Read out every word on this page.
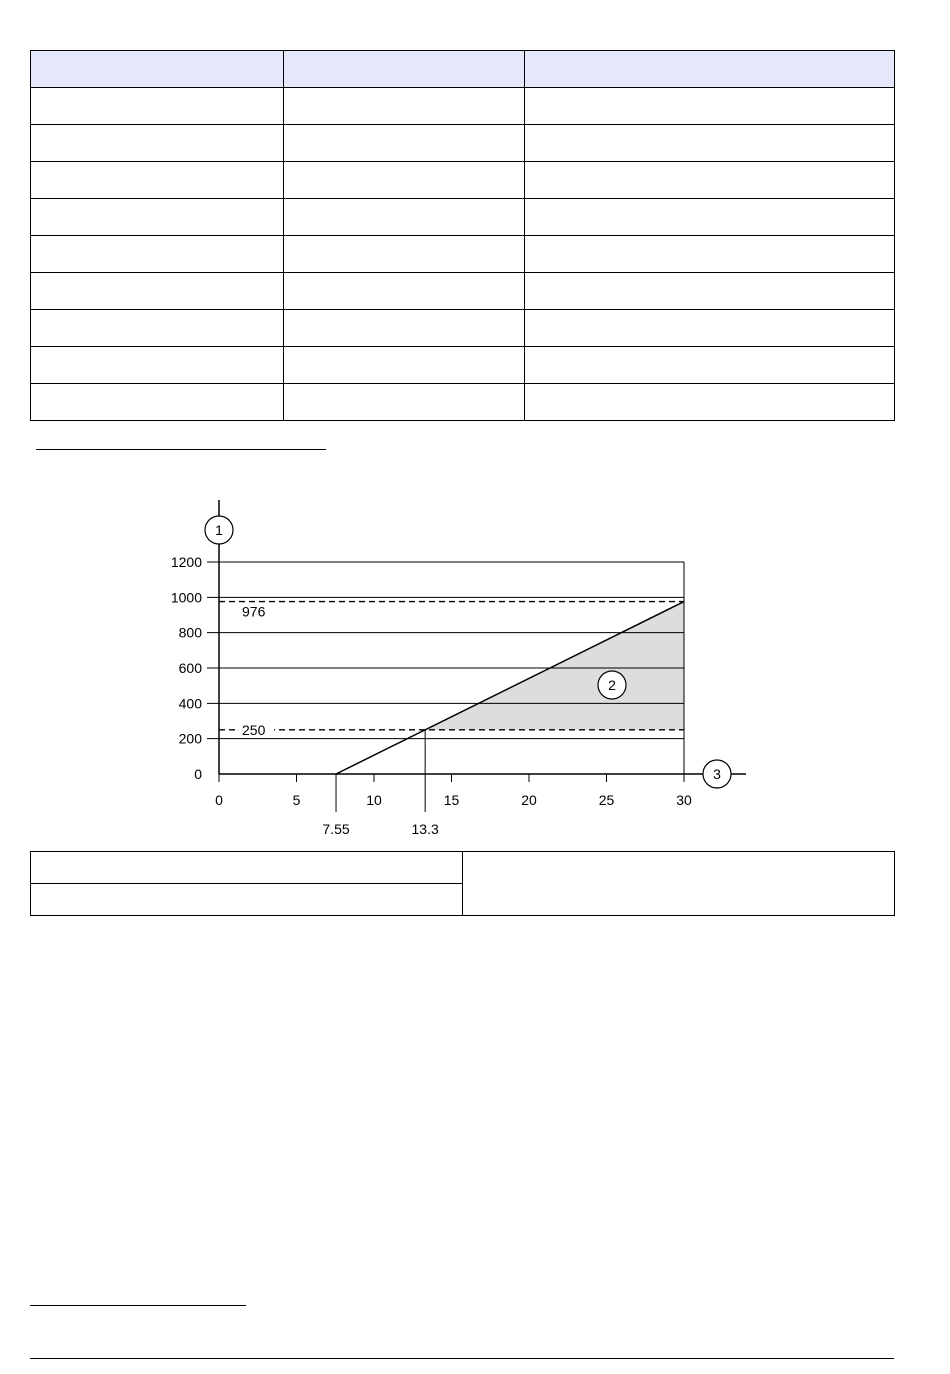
0
200
400
600
800
1000
1200
0	5	10	15	20	25	30
976
250
7.55	13.3
1
2
3
